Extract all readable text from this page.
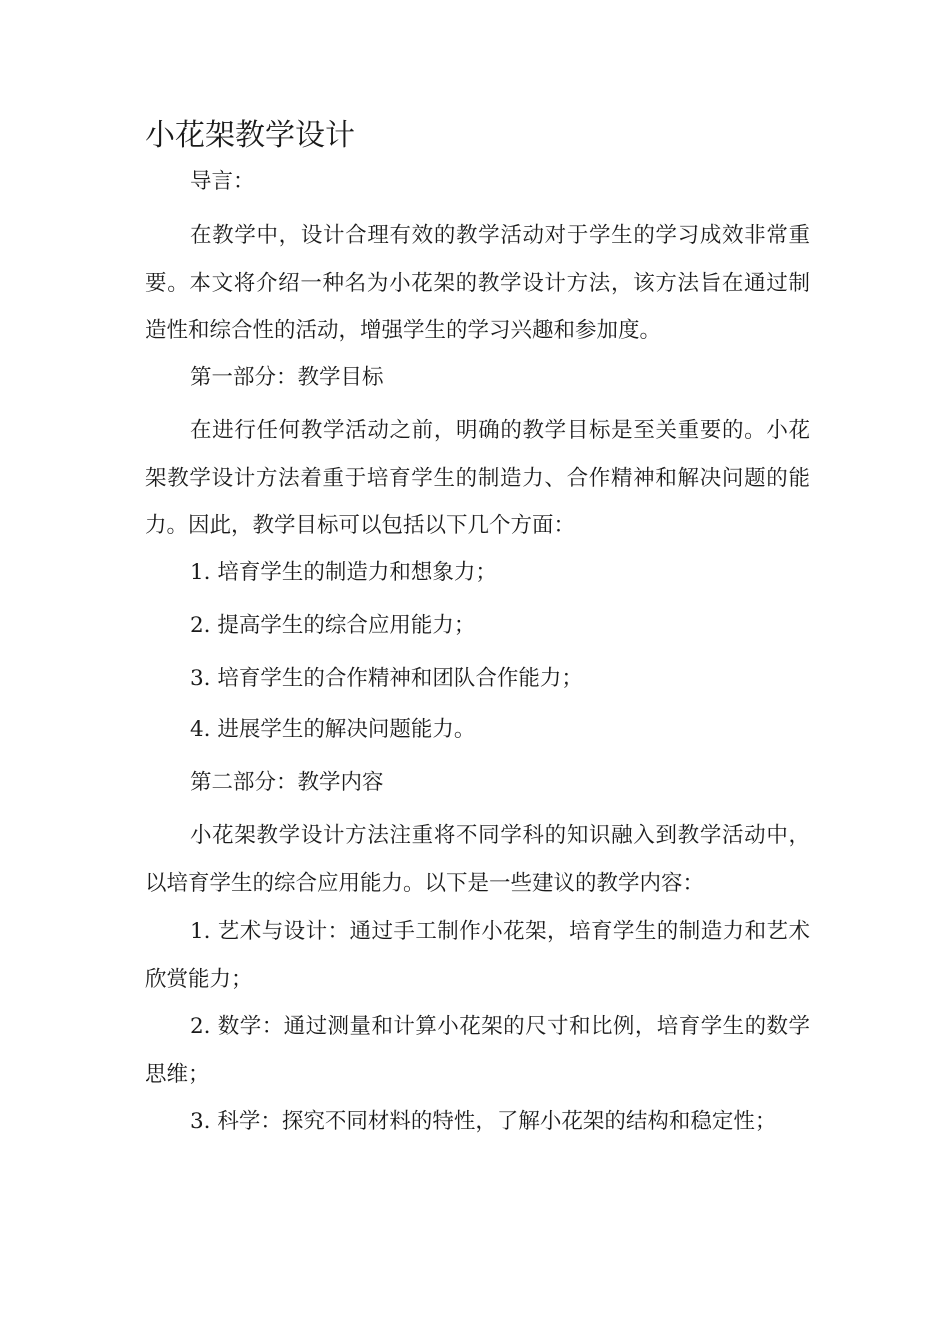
小花架教学设计

导言：

在教学中，设计合理有效的教学活动对于学生的学习成效非常重要。本文将介绍一种名为小花架的教学设计方法，该方法旨在通过制造性和综合性的活动，增强学生的学习兴趣和参加度。

第一部分：教学目标

在进行任何教学活动之前，明确的教学目标是至关重要的。小花架教学设计方法着重于培育学生的制造力、合作精神和解决问题的能力。因此，教学目标可以包括以下几个方面：

1. 培育学生的制造力和想象力；

2. 提高学生的综合应用能力；

3. 培育学生的合作精神和团队合作能力；

4. 进展学生的解决问题能力。

第二部分：教学内容

小花架教学设计方法注重将不同学科的知识融入到教学活动中，以培育学生的综合应用能力。以下是一些建议的教学内容：

1. 艺术与设计：通过手工制作小花架，培育学生的制造力和艺术欣赏能力；

2. 数学：通过测量和计算小花架的尺寸和比例，培育学生的数学思维；

3. 科学：探究不同材料的特性，了解小花架的结构和稳定性；
